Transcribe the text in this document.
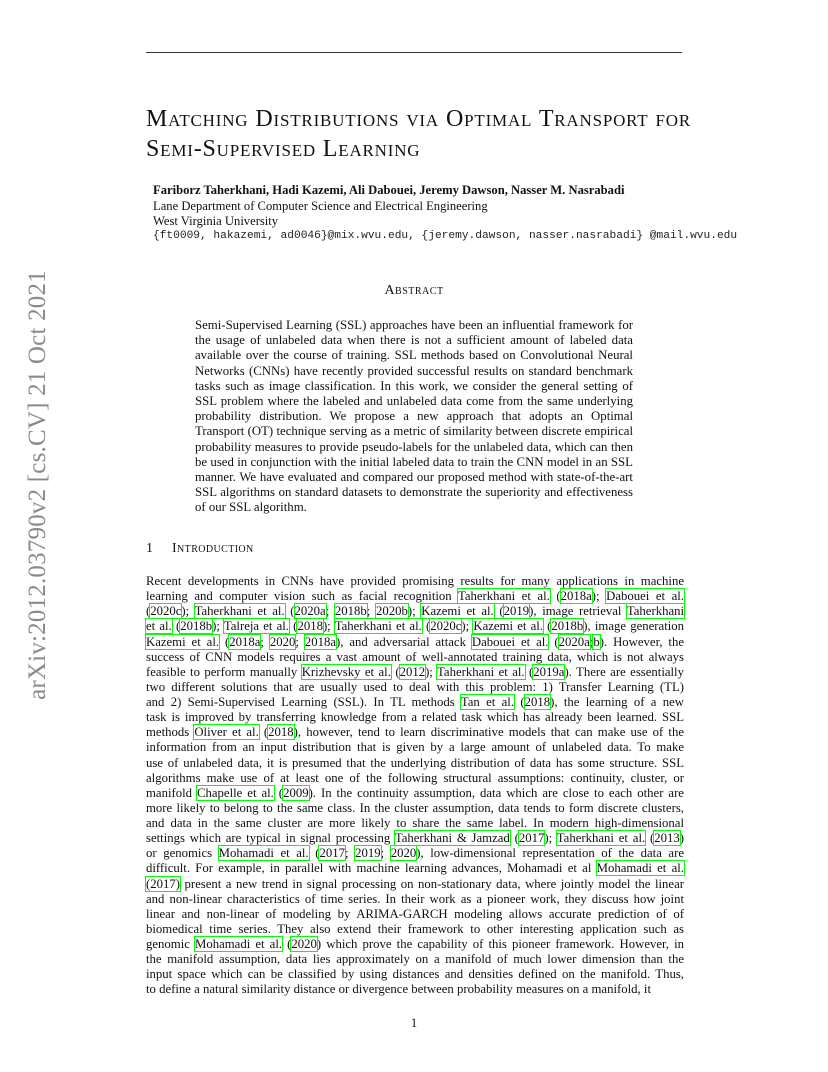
arXiv:2012.03790v2 [cs.CV] 21 Oct 2021
Matching Distributions via Optimal Transport for Semi-Supervised Learning
Fariborz Taherkhani, Hadi Kazemi, Ali Dabouei, Jeremy Dawson, Nasser M. Nasrabadi
Lane Department of Computer Science and Electrical Engineering
West Virginia University
{ft0009, hakazemi, ad0046}@mix.wvu.edu, {jeremy.dawson, nasser.nasrabadi} @mail.wvu.edu
Abstract
Semi-Supervised Learning (SSL) approaches have been an influential framework for the usage of unlabeled data when there is not a sufficient amount of labeled data available over the course of training. SSL methods based on Convolutional Neural Networks (CNNs) have recently provided successful results on standard benchmark tasks such as image classification. In this work, we consider the general setting of SSL problem where the labeled and unlabeled data come from the same underlying probability distribution. We propose a new approach that adopts an Optimal Transport (OT) technique serving as a metric of similarity between discrete empirical probability measures to provide pseudo-labels for the unlabeled data, which can then be used in conjunction with the initial labeled data to train the CNN model in an SSL manner. We have evaluated and compared our proposed method with state-of-the-art SSL algorithms on standard datasets to demonstrate the superiority and effectiveness of our SSL algorithm.
1 Introduction
Recent developments in CNNs have provided promising results for many applications in machine
learning and computer vision such as facial recognition Taherkhani et al. (2018a); Dabouei et al.
(2020c); Taherkhani et al. (2020a; 2018b; 2020b); Kazemi et al. (2019), image retrieval Taherkhani
et al. (2018b); Talreja et al. (2018); Taherkhani et al. (2020c); Kazemi et al. (2018b), image generation
Kazemi et al. (2018a; 2020; 2018a), and adversarial attack Dabouei et al. (2020a;b). However, the
success of CNN models requires a vast amount of well-annotated training data, which is not always
feasible to perform manually Krizhevsky et al. (2012); Taherkhani et al. (2019a). There are essentially
two different solutions that are usually used to deal with this problem: 1) Transfer Learning (TL)
and 2) Semi-Supervised Learning (SSL). In TL methods Tan et al. (2018), the learning of a new
task is improved by transferring knowledge from a related task which has already been learned. SSL
methods Oliver et al. (2018), however, tend to learn discriminative models that can make use of the
information from an input distribution that is given by a large amount of unlabeled data. To make
use of unlabeled data, it is presumed that the underlying distribution of data has some structure. SSL
algorithms make use of at least one of the following structural assumptions: continuity, cluster, or
manifold Chapelle et al. (2009). In the continuity assumption, data which are close to each other are
more likely to belong to the same class. In the cluster assumption, data tends to form discrete clusters,
and data in the same cluster are more likely to share the same label. In modern high-dimensional
settings which are typical in signal processing Taherkhani & Jamzad (2017); Taherkhani et al. (2013)
or genomics Mohamadi et al. (2017; 2019; 2020), low-dimensional representation of the data are
difficult. For example, in parallel with machine learning advances, Mohamadi et al Mohamadi et al.
(2017) present a new trend in signal processing on non-stationary data, where jointly model the linear
and non-linear characteristics of time series. In their work as a pioneer work, they discuss how joint
linear and non-linear of modeling by ARIMA-GARCH modeling allows accurate prediction of of
biomedical time series. They also extend their framework to other interesting application such as
genomic Mohamadi et al. (2020) which prove the capability of this pioneer framework. However, in
the manifold assumption, data lies approximately on a manifold of much lower dimension than the
input space which can be classified by using distances and densities defined on the manifold. Thus,
to define a natural similarity distance or divergence between probability measures on a manifold, it
1
